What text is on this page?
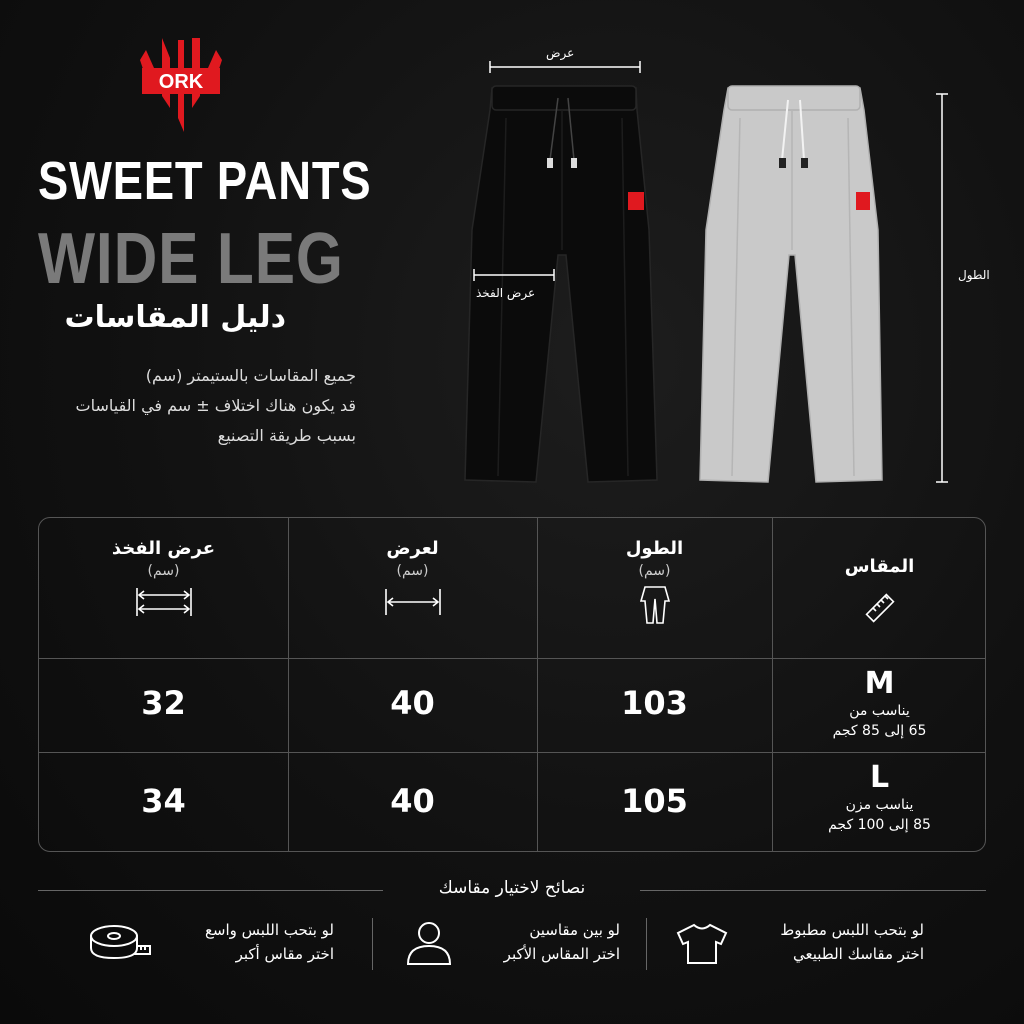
ORK
SWEET PANTS
WIDE LEG
دليل المقاسات
جميع المقاسات بالستيمتر (سم)
قد يكون هناك اختلاف ± سم في القياسات
بسبب طريقة التصنيع
عرض
عرض الفخذ
الطول
المقاس
الطول
(سم)
لعرض
(سم)
عرض الفخذ
(سم)
M
يناسب من
65 إلى 85 كجم
103
40
32
L
يناسب مزن
85 إلى 100 كجم
105
40
34
نصائح لاختيار مقاسك
لو بتحب اللبس مطبوط
اختر مقاسك الطبيعي
لو بين مقاسين
اختر المقاس الأكبر
لو بتحب اللبس واسع
اختر مقاس أكبر
